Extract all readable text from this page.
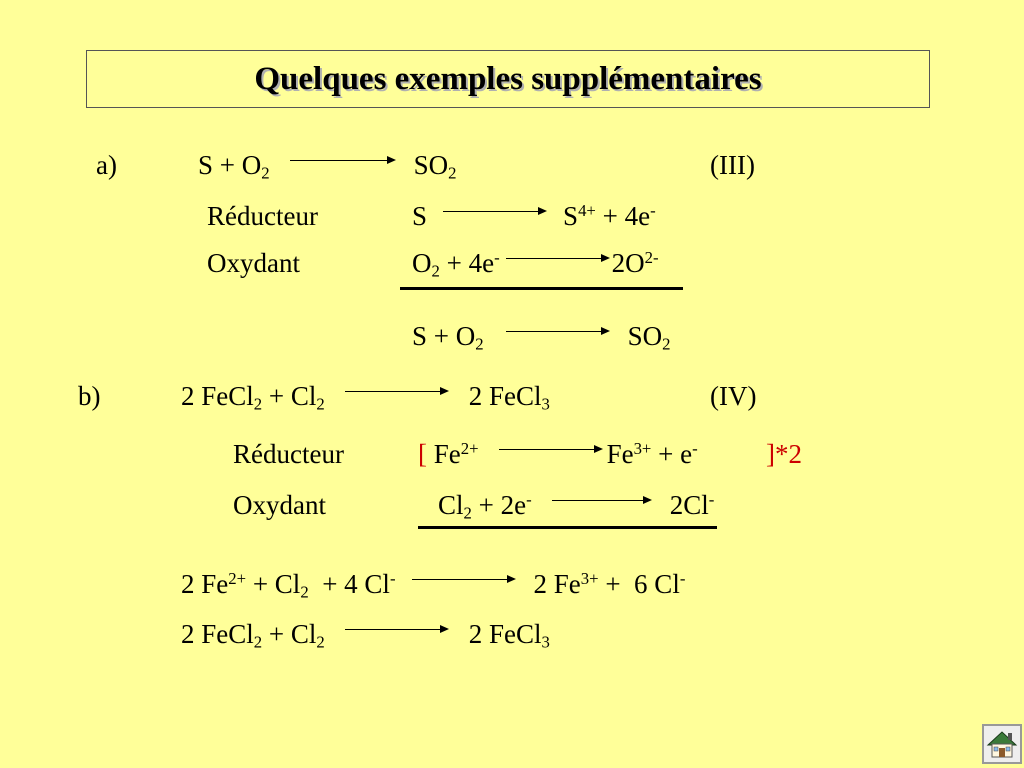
Quelques exemples supplémentaires
a)	$S + O_2$	$SO_2$	(III)
Réducteur	S	$S^{4+} + 4e^-$
Oxydant	$O_2 + 4e^-$	$2O^{2-}$
$S + O_2$	$SO_2$
b)	2 FeCl$_2$ + $Cl_2$	2 FeCl$_3$	(IV)
Réducteur	[ $Fe^{2+}$	$Fe^{3+} + e^-$	]*2
Oxydant	$Cl_2 + 2e^-$	2Cl-
2 $Fe^{2+} + Cl_2 + 4$ Cl-	2 $Fe^{3+} + 6$ Cl-
2 FeCl$_2$ + $Cl_2$	2 FeCl$_3$
